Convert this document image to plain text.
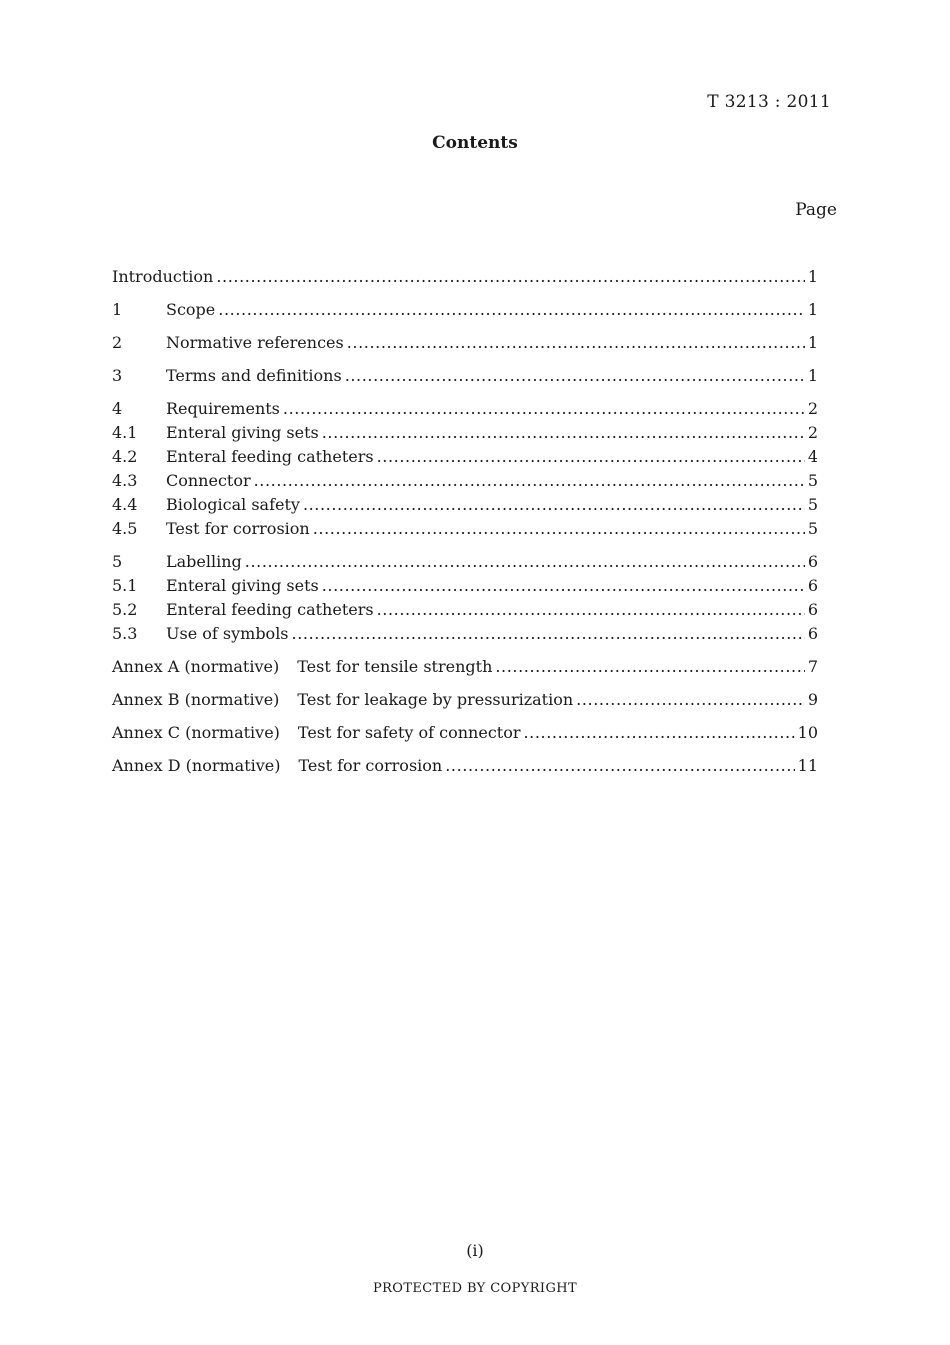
T 3213 : 2011
Contents
Page
Introduction .....	1
1	Scope .....	1
2	Normative references .....	1
3	Terms and definitions .....	1
4	Requirements .....	2
4.1	Enteral giving sets .....	2
4.2	Enteral feeding catheters .....	4
4.3	Connector .....	5
4.4	Biological safety .....	5
4.5	Test for corrosion .....	5
5	Labelling .....	6
5.1	Enteral giving sets .....	6
5.2	Enteral feeding catheters .....	6
5.3	Use of symbols .....	6
Annex A (normative) Test for tensile strength .....	7
Annex B (normative) Test for leakage by pressurization .....	9
Annex C (normative) Test for safety of connector .....	10
Annex D (normative) Test for corrosion .....	11
(i)
PROTECTED BY COPYRIGHT
